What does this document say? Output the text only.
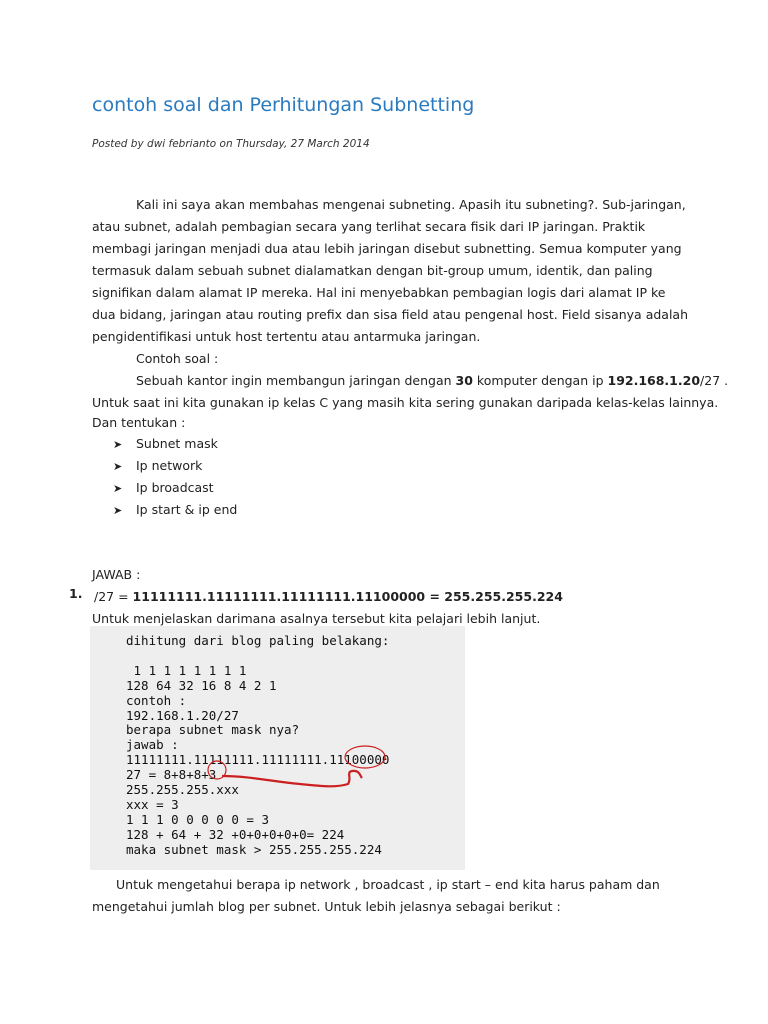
contoh soal dan Perhitungan Subnetting
Posted by dwi febrianto on Thursday, 27 March 2014
Kali ini saya akan membahas mengenai subneting. Apasih itu subneting?. Sub-jaringan, atau subnet, adalah pembagian secara yang terlihat secara fisik dari IP jaringan. Praktik membagi jaringan menjadi dua atau lebih jaringan disebut subnetting. Semua komputer yang termasuk dalam sebuah subnet dialamatkan dengan bit-group umum, identik, dan paling signifikan dalam alamat IP mereka. Hal ini menyebabkan pembagian logis dari alamat IP ke dua bidang, jaringan atau routing prefix dan sisa field atau pengenal host. Field sisanya adalah pengidentifikasi untuk host tertentu atau antarmuka jaringan.
Contoh soal :
Sebuah kantor ingin membangun jaringan dengan 30 komputer dengan ip 192.168.1.20/27 .
Untuk saat ini kita gunakan ip kelas C yang masih kita sering gunakan daripada kelas-kelas lainnya.
Dan tentukan :
➤ Subnet mask
➤ Ip network
➤ Ip broadcast
➤ Ip start & ip end
JAWAB :
1. /27 = 11111111.11111111.11111111.11100000 = 255.255.255.224
Untuk menjelaskan darimana asalnya tersebut kita pelajari lebih lanjut.
dihitung dari blog paling belakang:

1 1 1 1 1 1 1 1
128 64 32 16 8 4 2 1
contoh :
192.168.1.20/27
berapa subnet mask nya?
jawab :
11111111.11111111.11111111.11100000
27 = 8+8+8+3
255.255.255.xxx
xxx = 3
1 1 1 0 0 0 0 0 = 3
128 + 64 + 32 +0+0+0+0+0= 224
maka subnet mask > 255.255.255.224
Untuk mengetahui berapa ip network , broadcast , ip start – end kita harus paham dan mengetahui jumlah blog per subnet. Untuk lebih jelasnya sebagai berikut :
